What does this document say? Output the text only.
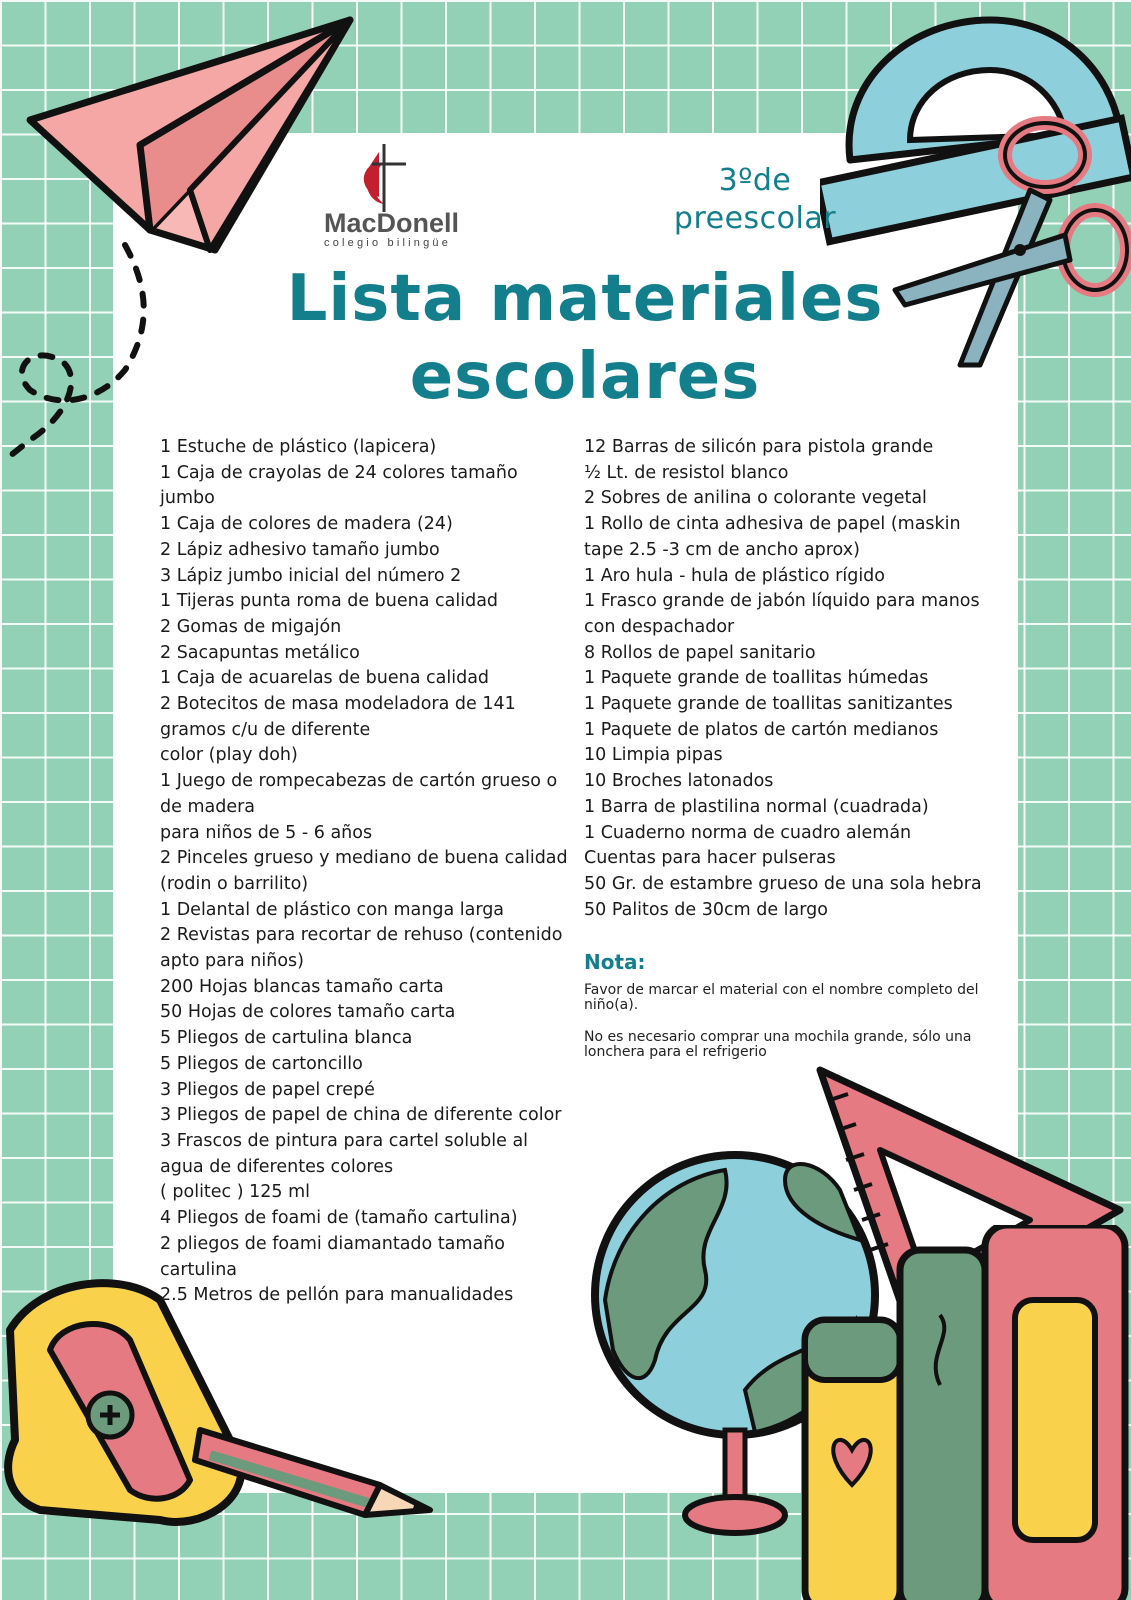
MacDonell
colegio bilingüe
3ºde
preescolar
Lista materiales
escolares
1 Estuche de plástico (lapicera)
1 Caja de crayolas de 24 colores tamaño jumbo
1 Caja de colores de madera (24)
2 Lápiz adhesivo tamaño jumbo
3 Lápiz jumbo inicial del número 2
1 Tijeras punta roma de buena calidad
2 Gomas de migajón
2 Sacapuntas metálico
1 Caja de acuarelas de buena calidad
2 Botecitos de masa modeladora de 141 gramos c/u de diferente
color (play doh)
1 Juego de rompecabezas de cartón grueso o de madera
para niños de 5 - 6 años
2 Pinceles grueso y mediano de buena calidad (rodin o barrilito)
1 Delantal de plástico con manga larga
2 Revistas para recortar de rehuso (contenido apto para niños)
200 Hojas blancas tamaño carta
50 Hojas de colores tamaño carta
5 Pliegos de cartulina blanca
5 Pliegos de cartoncillo
3 Pliegos de papel crepé
3 Pliegos de papel de china de diferente color
3 Frascos de pintura para cartel soluble al agua de diferentes colores
( politec ) 125 ml
4 Pliegos de foami de (tamaño cartulina)
2 pliegos de foami diamantado tamaño cartulina
2.5 Metros de pellón para manualidades
12 Barras de silicón para pistola grande
½ Lt. de resistol blanco
2 Sobres de anilina o colorante vegetal
1 Rollo de cinta adhesiva de papel (maskin tape 2.5 -3 cm de ancho aprox)
1 Aro hula - hula de plástico rígido
1 Frasco grande de jabón líquido para manos con despachador
8 Rollos de papel sanitario
1 Paquete grande de toallitas húmedas
1 Paquete grande de toallitas sanitizantes
1 Paquete de platos de cartón medianos
10 Limpia pipas
10 Broches latonados
1 Barra de plastilina normal (cuadrada)
1 Cuaderno norma de cuadro alemán
Cuentas para hacer pulseras
50 Gr. de estambre grueso de una sola hebra
50 Palitos de 30cm de largo
Nota:
Favor de marcar el material con el nombre completo del niño(a).
No es necesario comprar una mochila grande, sólo una lonchera para el refrigerio
